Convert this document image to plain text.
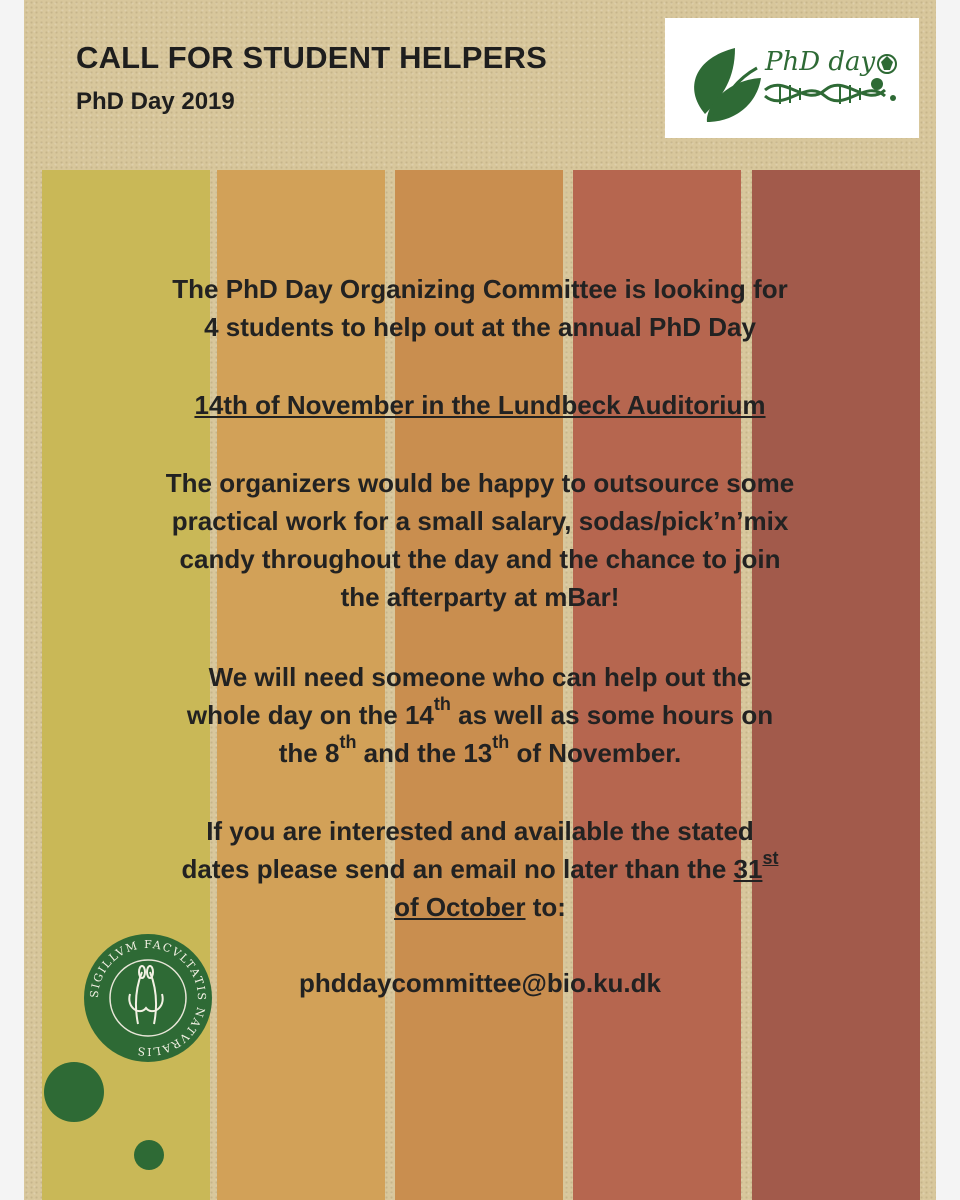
CALL FOR STUDENT HELPERS
PhD Day 2019
PhD day

The PhD Day Organizing Committee is looking for

4 students to help out at the annual PhD Day

14th of November in the Lundbeck Auditorium

The organizers would be happy to outsource some

practical work for a small salary, sodas/pick’n’mix

candy throughout the day and the chance to join

the afterparty at mBar!

We will need someone who can help out the

whole day on the 14th as well as some hours on

the 8th and the 13th of November.

If you are interested and available the stated

dates please send an email no later than the 31st

of October to:

phddaycommittee@bio.ku.dk

SIGILLVM FACVLTATIS NATVRALIS
